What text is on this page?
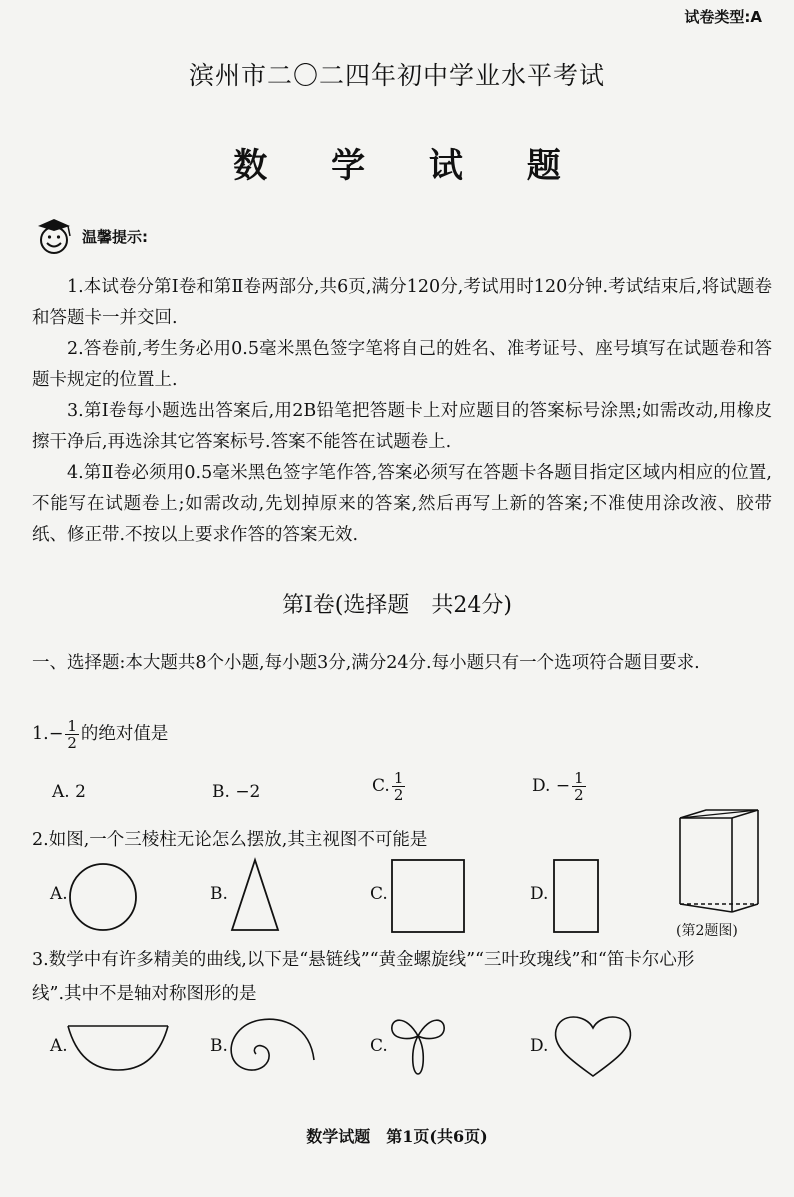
试卷类型:A
滨州市二〇二四年初中学业水平考试
数 学 试 题
温馨提示:

1.本试卷分第Ⅰ卷和第Ⅱ卷两部分,共6页,满分120分,考试用时120分钟.考试结束后,将试题卷和答题卡一并交回.

2.答卷前,考生务必用0.5毫米黑色签字笔将自己的姓名、准考证号、座号填写在试题卷和答题卡规定的位置上.

3.第Ⅰ卷每小题选出答案后,用2B铅笔把答题卡上对应题目的答案标号涂黑;如需改动,用橡皮擦干净后,再选涂其它答案标号.答案不能答在试题卷上.

4.第Ⅱ卷必须用0.5毫米黑色签字笔作答,答案必须写在答题卡各题目指定区域内相应的位置,不能写在试题卷上;如需改动,先划掉原来的答案,然后再写上新的答案;不准使用涂改液、胶带纸、修正带.不按以上要求作答的答案无效.

第Ⅰ卷(选择题　共24分)
一、选择题:本大题共8个小题,每小题3分,满分24分.每小题只有一个选项符合题目要求.
$1.- \frac{1}{2}$ 的绝对值是
A. 2	B. −2	C. $\frac{1}{2}$	D. − $\frac{1}{2}$
2.如图,一个三棱柱无论怎么摆放,其主视图不可能是
A.	B.	C.	D.
(第2题图)
3.数学中有许多精美的曲线,以下是“悬链线”“黄金螺旋线”“三叶玫瑰线”和“笛卡尔心形
线”.其中不是轴对称图形的是
A.	B.	C.	D.
数学试题　第1页(共6页)
